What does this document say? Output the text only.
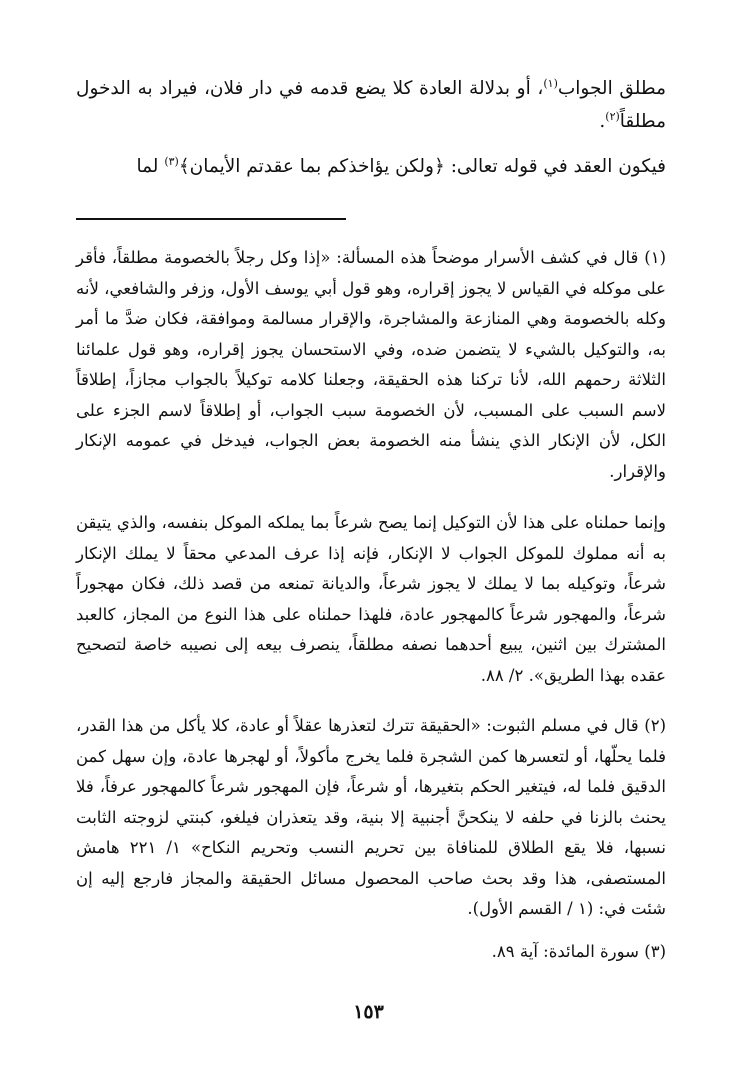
مطلق الجواب$^{(١)}$، أو بدلالة العادة كلا يضع قدمه في دار فلان، فيراد به الدخول مطلقاً$^{(٢)}$.

فيكون العقد في قوله تعالى: ﴿ولكن يؤاخذكم بما عقدتم الأيمان﴾$^{(٣)}$ لما

(١) قال في كشف الأسرار موضحاً هذه المسألة: «إذا وكل رجلاً بالخصومة مطلقاً، فأقر على موكله في القياس لا يجوز إقراره، وهو قول أبي يوسف الأول، وزفر والشافعي، لأنه وكله بالخصومة وهي المنازعة والمشاجرة، والإقرار مسالمة وموافقة، فكان ضدَّ ما أمر به، والتوكيل بالشيء لا يتضمن ضده، وفي الاستحسان يجوز إقراره، وهو قول علمائنا الثلاثة رحمهم الله، لأنا تركنا هذه الحقيقة، وجعلنا كلامه توكيلاً بالجواب مجازاً، إطلاقاً لاسم السبب على المسبب، لأن الخصومة سبب الجواب، أو إطلاقاً لاسم الجزء على الكل، لأن الإنكار الذي ينشأ منه الخصومة بعض الجواب، فيدخل في عمومه الإنكار والإقرار.

وإنما حملناه على هذا لأن التوكيل إنما يصح شرعاً بما يملكه الموكل بنفسه، والذي يتيقن به أنه مملوك للموكل الجواب لا الإنكار، فإنه إذا عرف المدعي محقاً لا يملك الإنكار شرعاً، وتوكيله بما لا يملك لا يجوز شرعاً، والديانة تمنعه من قصد ذلك، فكان مهجوراً شرعاً، والمهجور شرعاً كالمهجور عادة، فلهذا حملناه على هذا النوع من المجاز، كالعبد المشترك بين اثنين، يبيع أحدهما نصفه مطلقاً، ينصرف بيعه إلى نصيبه خاصة لتصحيح عقده بهذا الطريق». ٢/ ٨٨.

(٢) قال في مسلم الثبوت: «الحقيقة تترك لتعذرها عقلاً أو عادة، كلا يأكل من هذا القدر، فلما يحلّها، أو لتعسرها كمن الشجرة فلما يخرج مأكولاً، أو لهجرها عادة، وإن سهل كمن الدقيق فلما له، فيتغير الحكم بتغيرها، أو شرعاً، فإن المهجور شرعاً كالمهجور عرفاً، فلا يحنث بالزنا في حلفه لا ينكحنَّ أجنبية إلا بنية، وقد يتعذران فيلغو، كبنتي لزوجته الثابت نسبها، فلا يقع الطلاق للمنافاة بين تحريم النسب وتحريم النكاح» ١/ ٢٢١ هامش المستصفى، هذا وقد بحث صاحب المحصول مسائل الحقيقة والمجاز فارجع إليه إن شئت في: (١ / القسم الأول).

(٣) سورة المائدة: آية ٨٩.

١٥٣
